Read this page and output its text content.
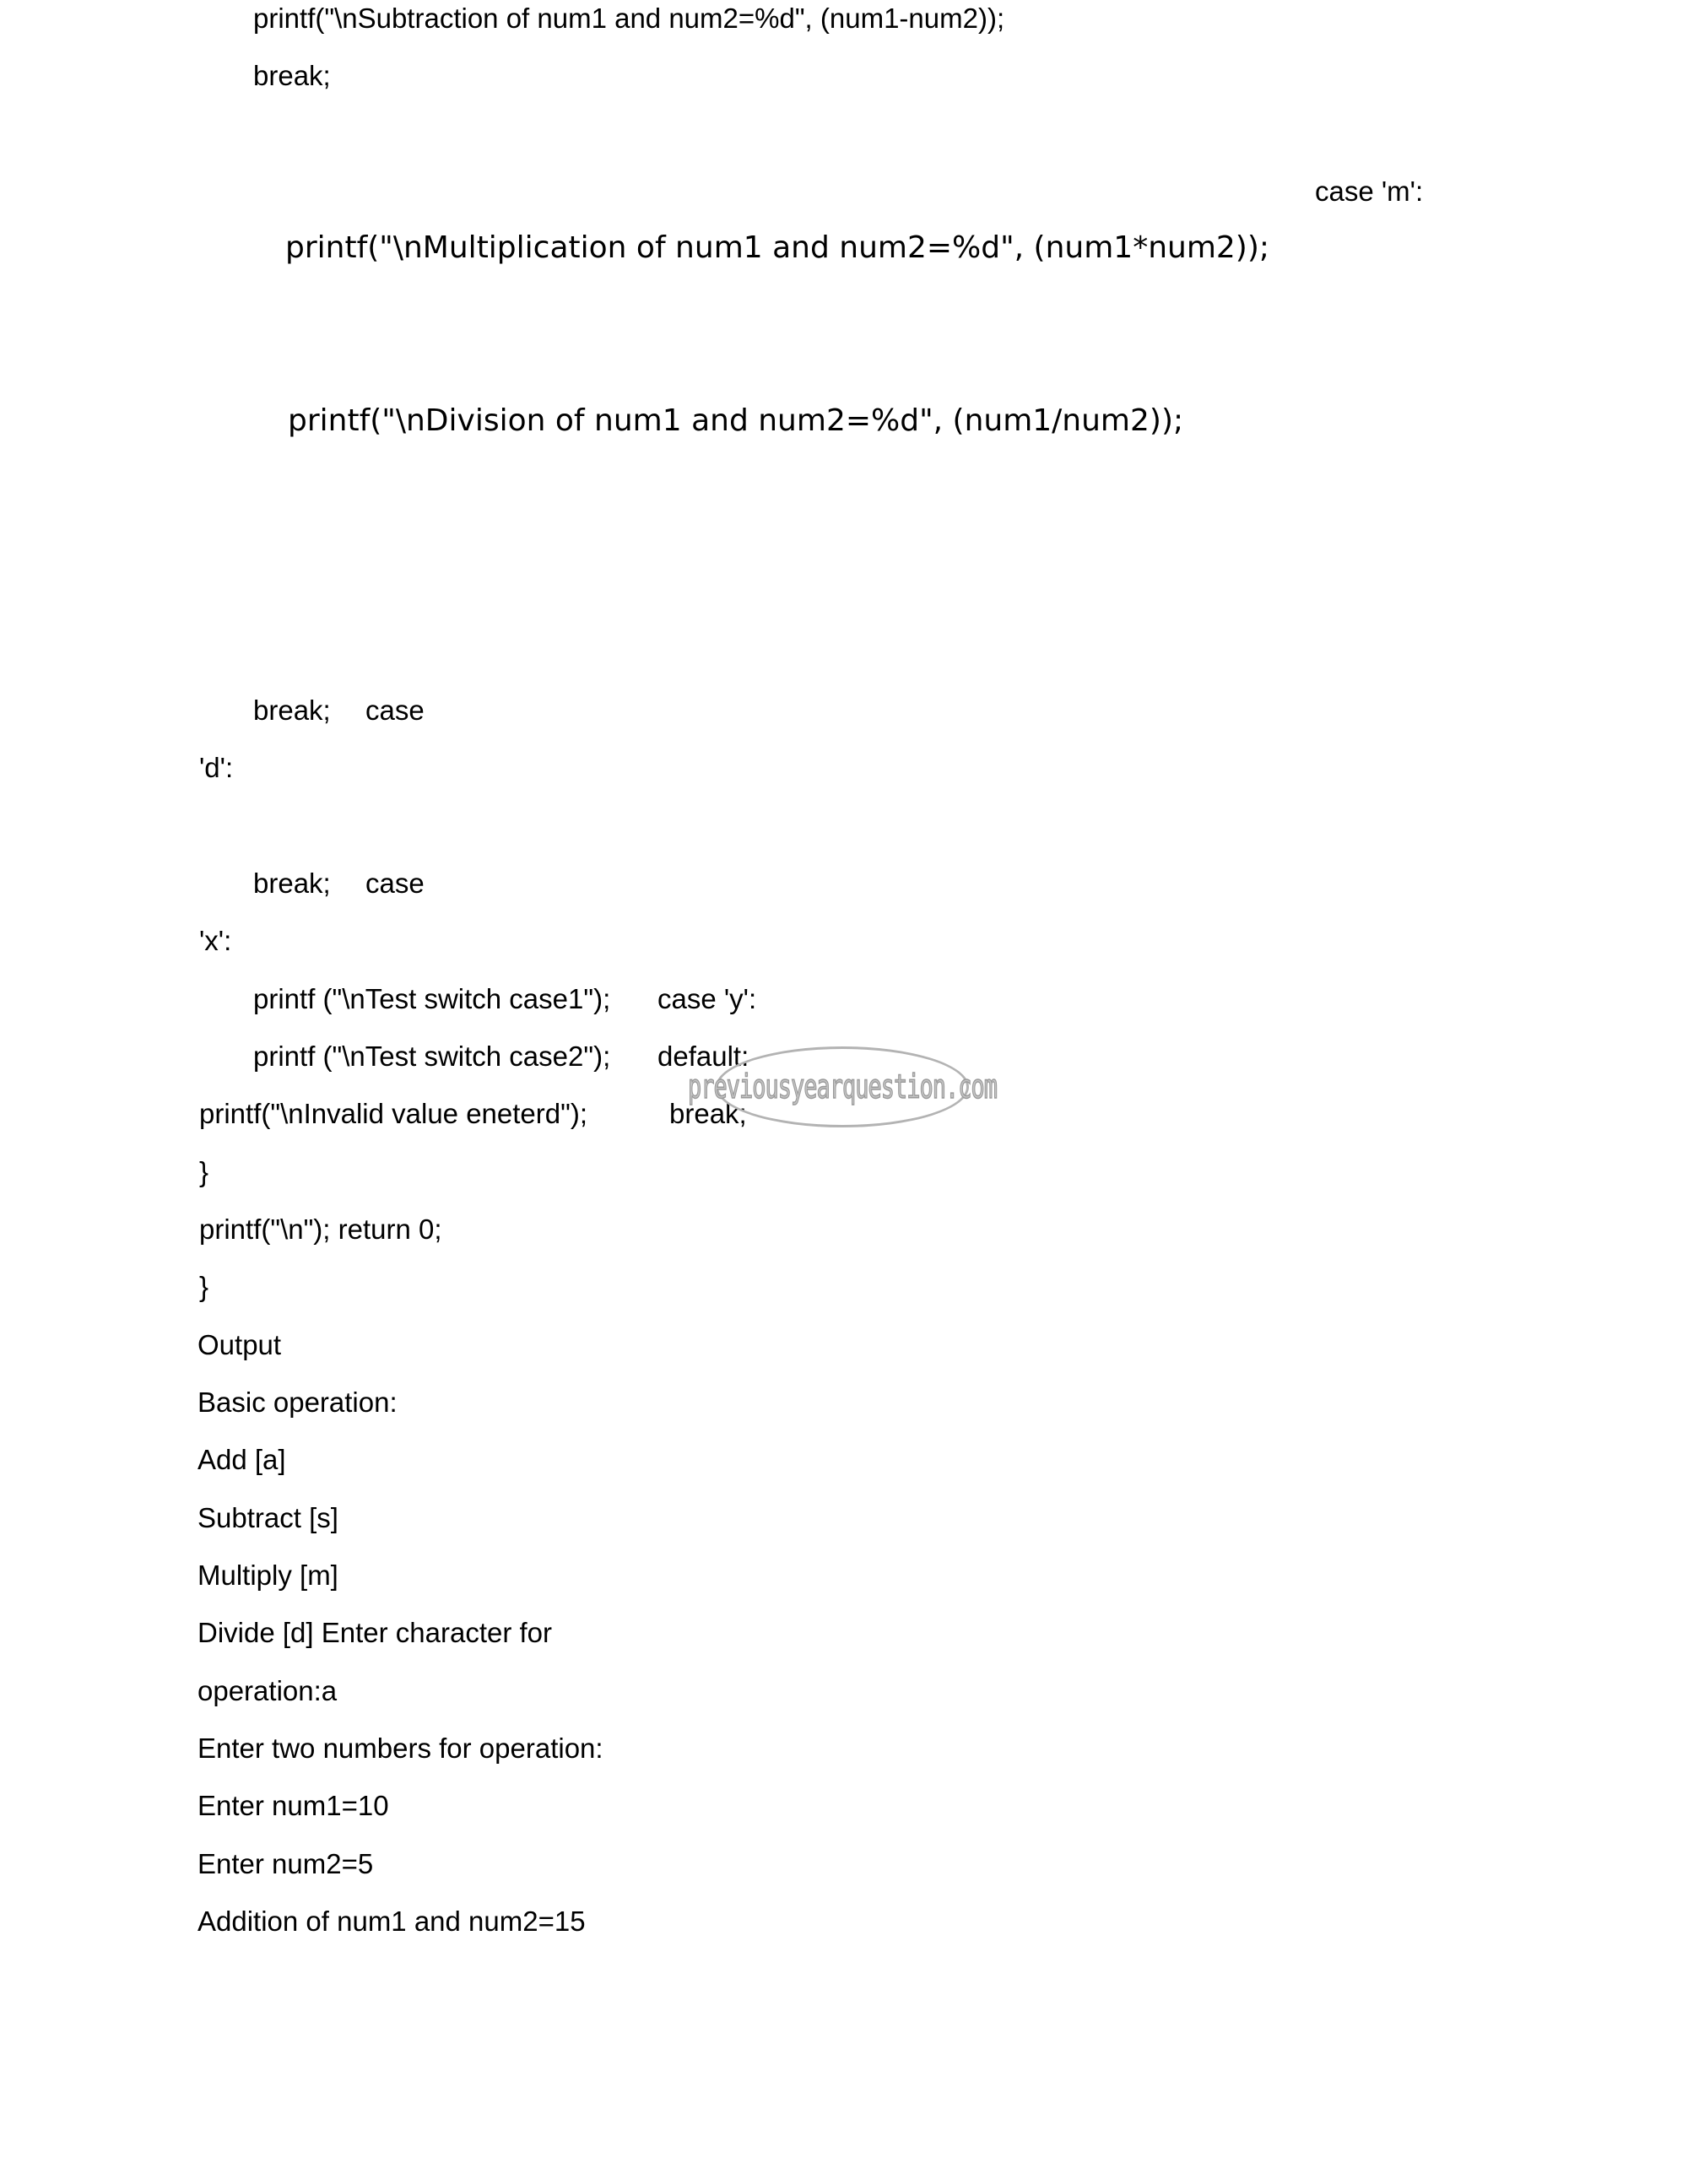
printf("\nSubtraction of num1 and num2=%d", (num1-num2));
break;
case 'm':
printf("\nMultiplication of num1 and num2=%d", (num1*num2));
printf("\nDivision of num1 and num2=%d", (num1/num2));
break; case
'd':
break; case
'x':
printf ("\nTest switch case1"); case 'y':
printf ("\nTest switch case2"); default:
printf("\nInvalid value eneterd");	break;
}
printf("\n"); return 0;
}
Output
Basic operation:
Add [a]
Subtract [s]
Multiply [m]
Divide [d] Enter character for
operation:a
Enter two numbers for operation:
Enter num1=10
Enter num2=5
Addition of num1 and num2=15
previousyearquestion.com
